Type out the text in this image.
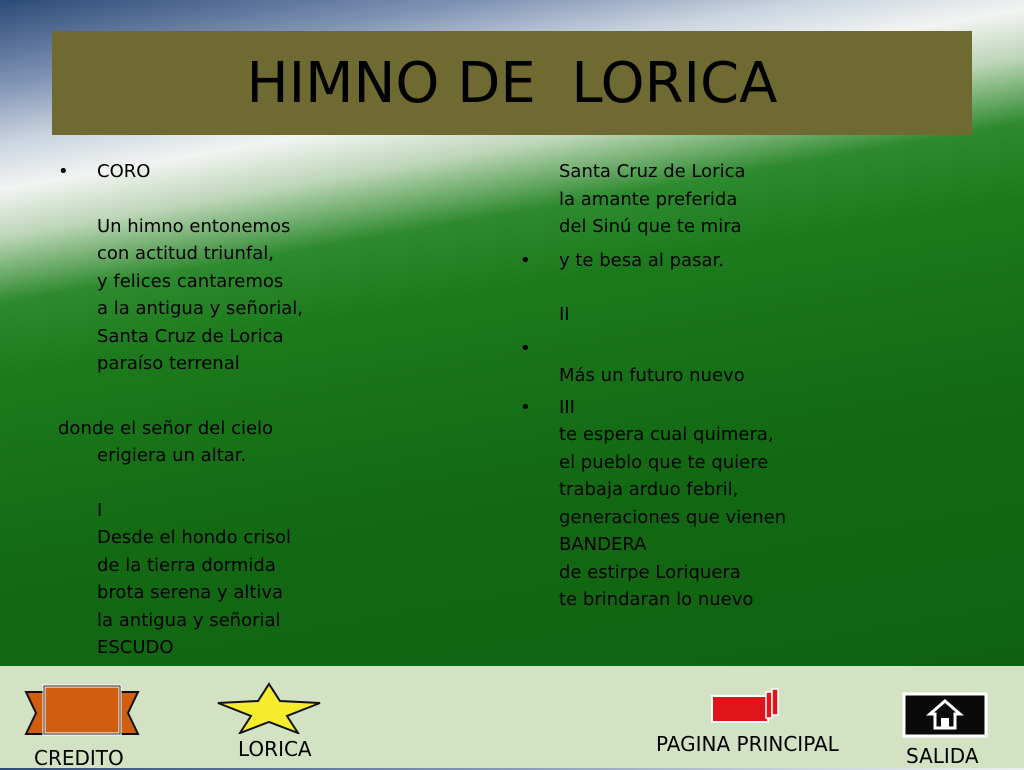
HIMNO DE  LORICA
• CORO
Un himno entonemos
con actitud triunfal,
y felices cantaremos
a la antigua y señorial,
Santa Cruz de Lorica
paraíso terrenal
donde el señor del cielo
erigiera un altar.
I
Desde el hondo crisol
de la tierra dormida
brota serena y altiva
la antigua y señorial
ESCUDO
•
Santa Cruz de Lorica
la amante preferida
del Sinú que te mira
• y te besa al pasar.
II
•
Más un futuro nuevo
• III
te espera cual quimera,
el pueblo que te quiere
trabaja arduo febril,
generaciones que vienen
BANDERA
de estirpe Loriquera
te brindaran lo nuevo
CREDITO	LORICA	PAGINA PRINCIPAL	SALIDA
